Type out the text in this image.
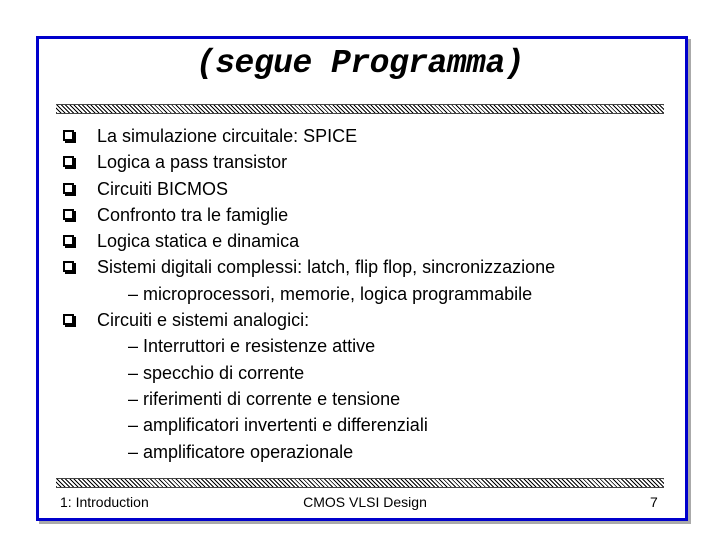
(segue Programma)
La simulazione circuitale: SPICE
Logica a pass transistor
Circuiti BICMOS
Confronto tra le famiglie
Logica statica e dinamica
Sistemi digitali complessi: latch, flip flop, sincronizzazione
– microprocessori, memorie, logica programmabile
Circuiti e sistemi analogici:
– Interruttori e resistenze attive
– specchio di corrente
– riferimenti di corrente e tensione
– amplificatori invertenti e differenziali
– amplificatore operazionale
1: Introduction	CMOS VLSI Design	7
